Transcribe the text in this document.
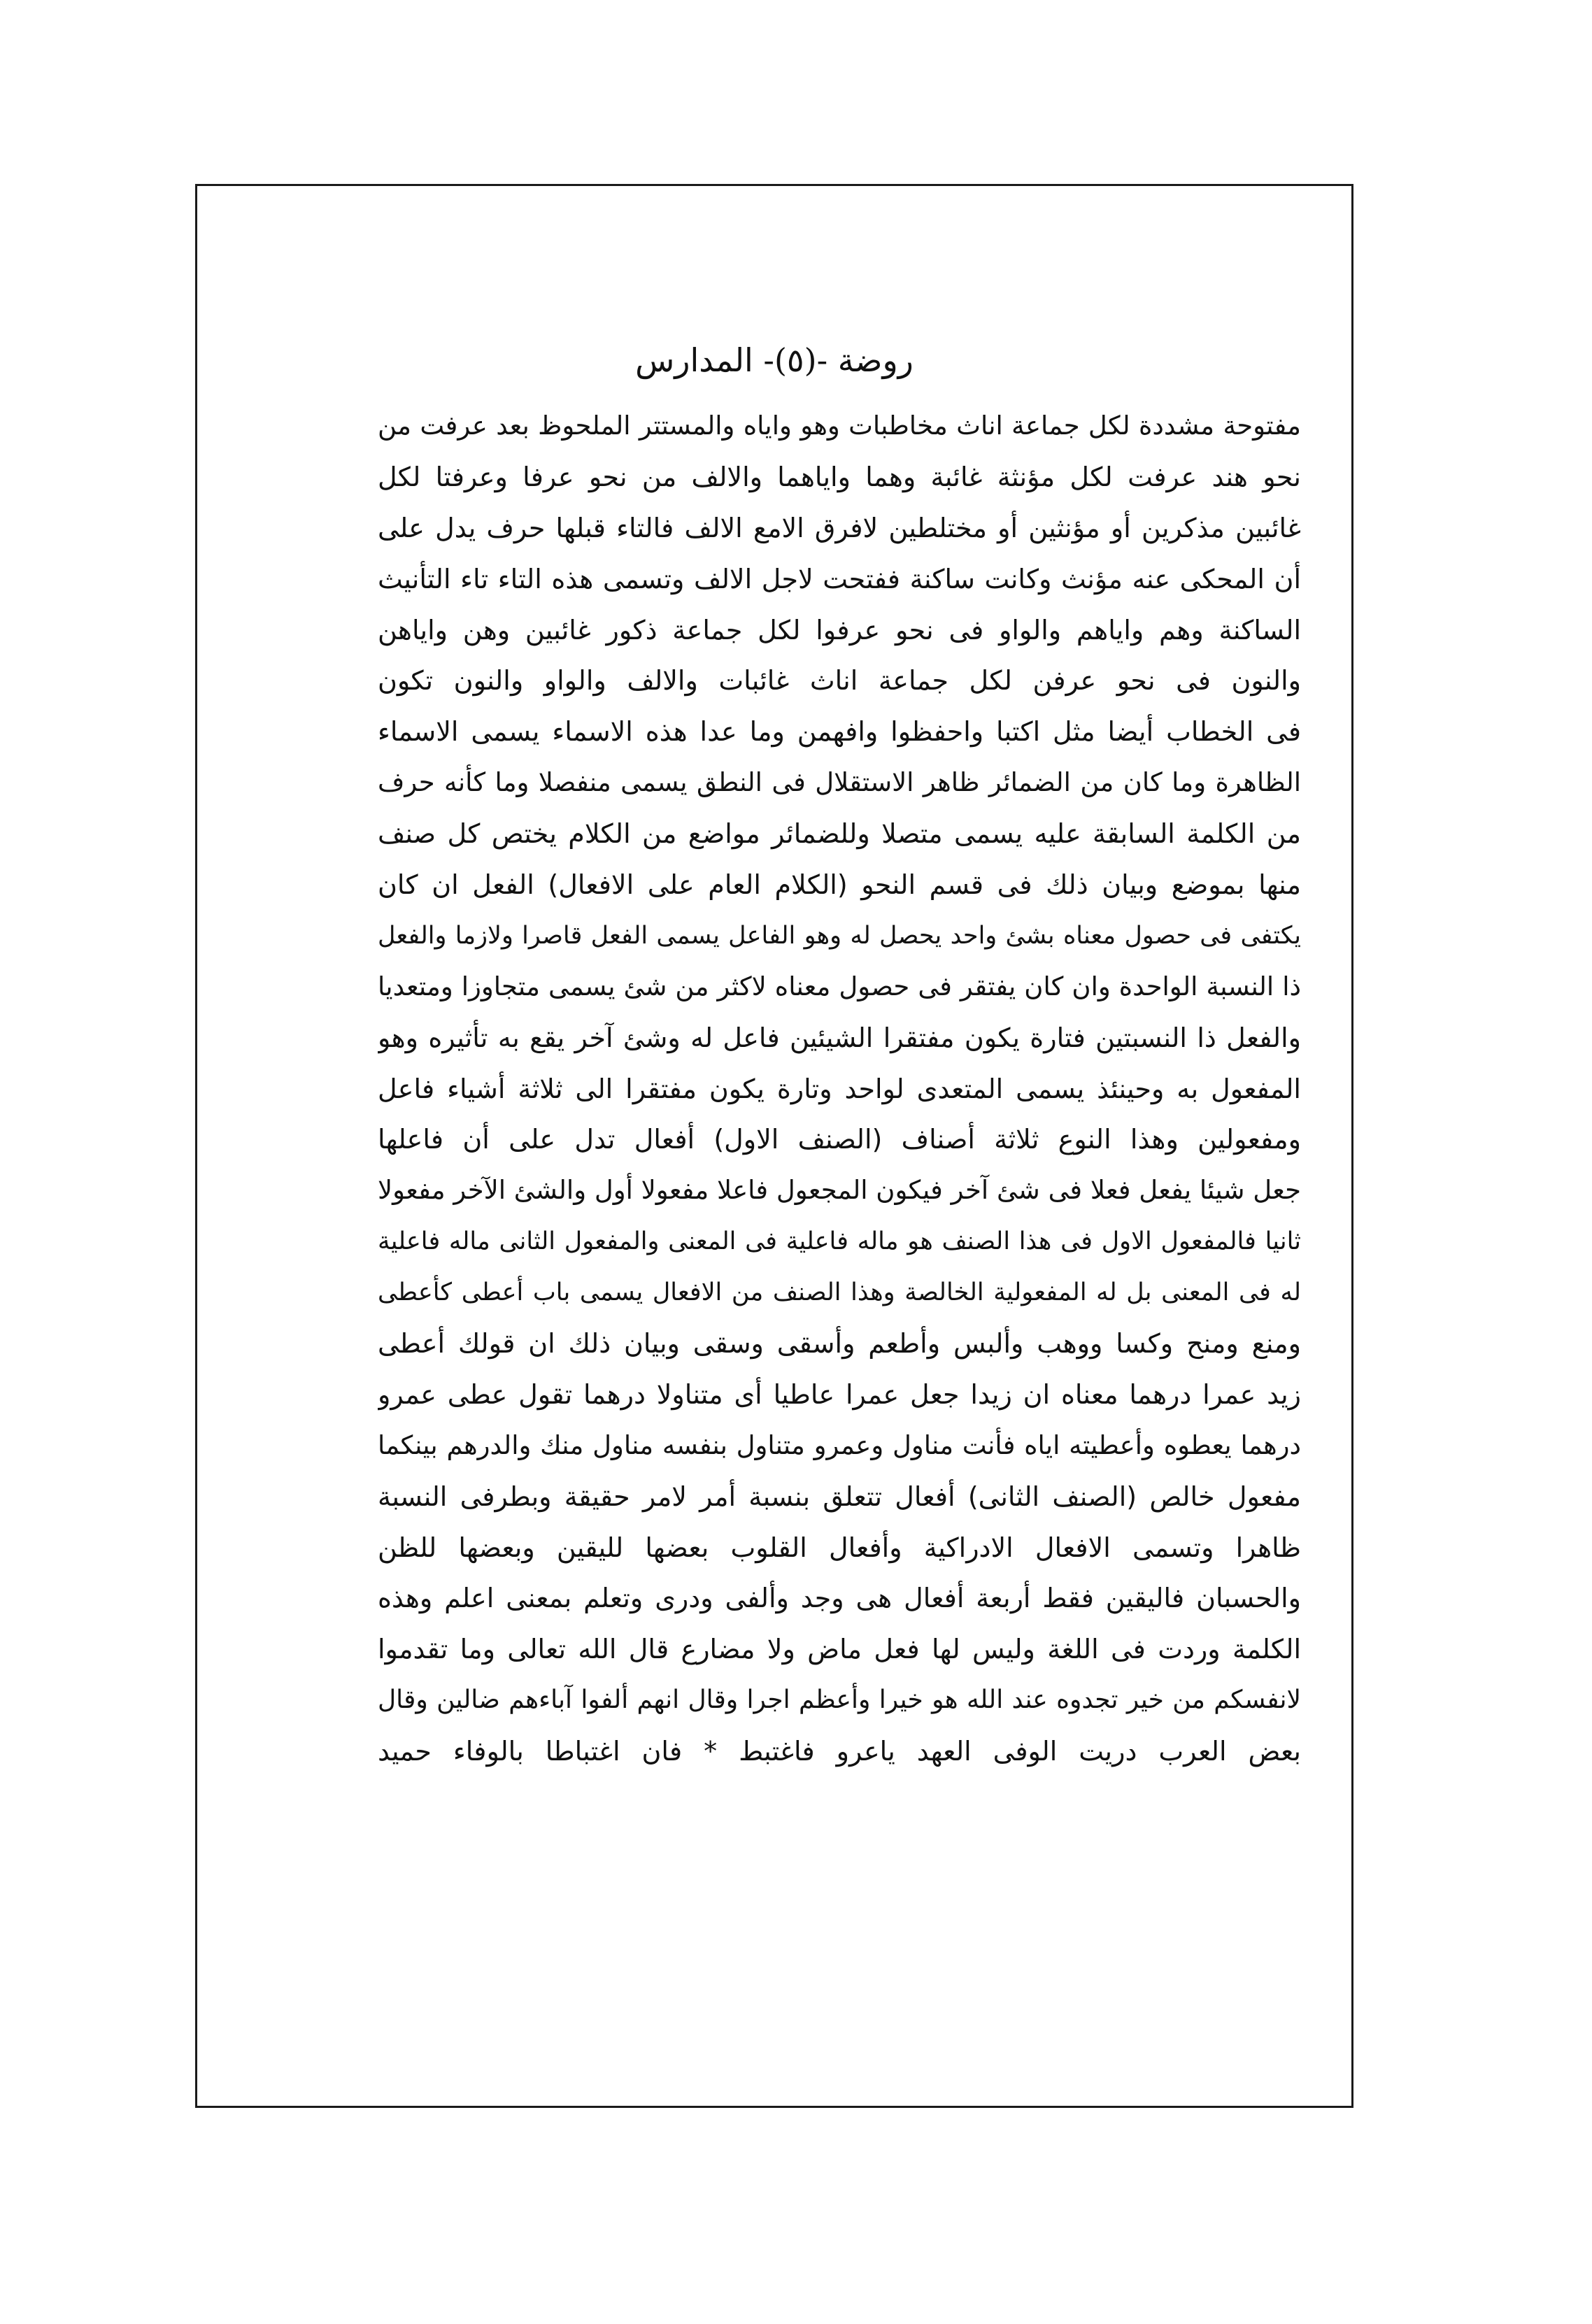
روضة -(٥)- المدارس
مفتوحة مشددة لكل جماعة اناث مخاطبات وهو واياه والمستتر الملحوظ بعد عرفت من
نحو هند عرفت لكل مؤنثة غائبة وهما واياهما والالف من نحو عرفا وعرفتا لكل
غائبين مذكرين أو مؤنثين أو مختلطين لافرق الامع الالف فالتاء قبلها حرف يدل على
أن المحكى عنه مؤنث وكانت ساكنة ففتحت لاجل الالف وتسمى هذه التاء تاء التأنيث
الساكنة وهم واياهم والواو فى نحو عرفوا لكل جماعة ذكور غائبين وهن واياهن
والنون فى نحو عرفن لكل جماعة اناث غائبات والالف والواو والنون تكون
فى الخطاب أيضا مثل اكتبا واحفظوا وافهمن وما عدا هذه الاسماء يسمى الاسماء
الظاهرة وما كان من الضمائر ظاهر الاستقلال فى النطق يسمى منفصلا وما كأنه حرف
من الكلمة السابقة عليه يسمى متصلا وللضمائر مواضع من الكلام يختص كل صنف
منها بموضع وبيان ذلك فى قسم النحو (الكلام العام على الافعال) الفعل ان كان
يكتفى فى حصول معناه بشئ واحد يحصل له وهو الفاعل يسمى الفعل قاصرا ولازما والفعل
ذا النسبة الواحدة وان كان يفتقر فى حصول معناه لاكثر من شئ يسمى متجاوزا ومتعديا
والفعل ذا النسبتين فتارة يكون مفتقرا الشيئين فاعل له وشئ آخر يقع به تأثيره وهو
المفعول به وحينئذ يسمى المتعدى لواحد وتارة يكون مفتقرا الى ثلاثة أشياء فاعل
ومفعولين وهذا النوع ثلاثة أصناف (الصنف الاول) أفعال تدل على أن فاعلها
جعل شيئا يفعل فعلا فى شئ آخر فيكون المجعول فاعلا مفعولا أول والشئ الآخر مفعولا
ثانيا فالمفعول الاول فى هذا الصنف هو ماله فاعلية فى المعنى والمفعول الثانى ماله فاعلية
له فى المعنى بل له المفعولية الخالصة وهذا الصنف من الافعال يسمى باب أعطى كأعطى
ومنع ومنح وكسا ووهب وألبس وأطعم وأسقى وسقى وبيان ذلك ان قولك أعطى
زيد عمرا درهما معناه ان زيدا جعل عمرا عاطيا أى متناولا درهما تقول عطى عمرو
درهما يعطوه وأعطيته اياه فأنت مناول وعمرو متناول بنفسه مناول منك والدرهم بينكما
مفعول خالص (الصنف الثانى) أفعال تتعلق بنسبة أمر لامر حقيقة وبطرفى النسبة
ظاهرا وتسمى الافعال الادراكية وأفعال القلوب بعضها لليقين وبعضها للظن
والحسبان فاليقين فقط أربعة أفعال هى وجد وألفى ودرى وتعلم بمعنى اعلم وهذه
الكلمة وردت فى اللغة وليس لها فعل ماض ولا مضارع قال الله تعالى وما تقدموا
لانفسكم من خير تجدوه عند الله هو خيرا وأعظم اجرا وقال انهم ألفوا آباءهم ضالين وقال
بعض العرب دريت الوفى العهد ياعرو فاغتبط * فان اغتباطا بالوفاء حميد
